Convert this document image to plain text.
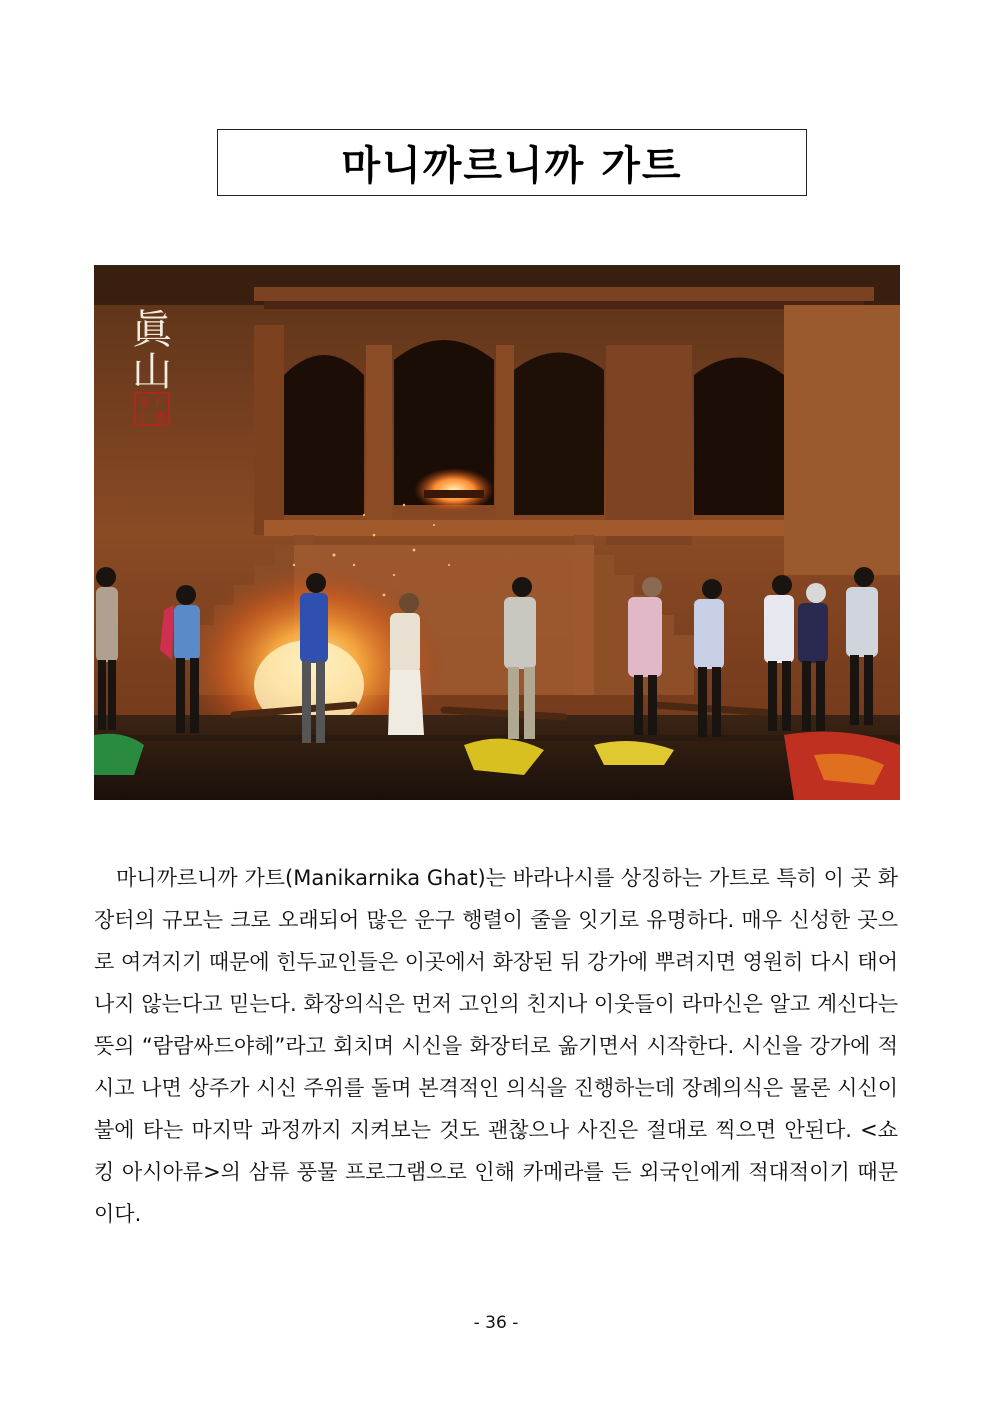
마니까르니까 가트
眞
山
朴
潤
基
引
마니까르니까 가트(Manikarnika Ghat)는 바라나시를 상징하는 가트로 특히 이 곳 화장터의 규모는 크로 오래되어 많은 운구 행렬이 줄을 잇기로 유명하다. 매우 신성한 곳으로 여겨지기 때문에 힌두교인들은 이곳에서 화장된 뒤 강가에 뿌려지면 영원히 다시 태어나지 않는다고 믿는다. 화장의식은 먼저 고인의 친지나 이웃들이 라마신은 알고 계신다는 뜻의 “람람싸드야헤”라고 회치며 시신을 화장터로 옮기면서 시작한다. 시신을 강가에 적시고 나면 상주가 시신 주위를 돌며 본격적인 의식을 진행하는데 장례의식은 물론 시신이 불에 타는 마지막 과정까지 지켜보는 것도 괜찮으나 사진은 절대로 찍으면 안된다. <쇼킹 아시아류>의 삼류 풍물 프로그램으로 인해 카메라를 든 외국인에게 적대적이기 때문이다.
- 36 -
